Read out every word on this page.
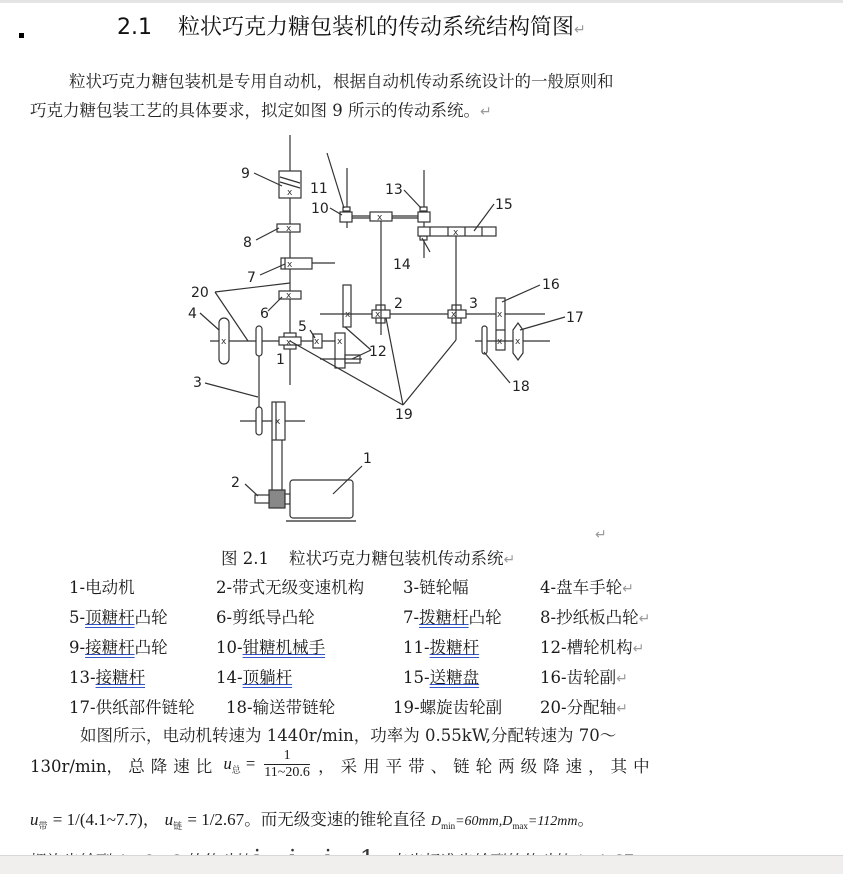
2.1 粒状巧克力糖包装机的传动系统结构简图↵
粒状巧克力糖包装机是专用自动机，根据自动机传动系统设计的一般原则和
巧克力糖包装工艺的具体要求，拟定如图 9 所示的传动系统。↵
x
x
x
x
x	x	x x
x	x	x
x
x
x
x x
x
9
8
7
20
6
4
5
1
3
11
10
13
14
15
2	3
16
17
12
18
19
1
2
↵
图 2.1 粒状巧克力糖包装机传动系统↵
1-电动机	2-带式无级变速机构 3-链轮幅	4-盘车手轮↵
5-顶糖杆凸轮	6-剪纸导凸轮	7-拨糖杆凸轮 8-抄纸板凸轮↵
9-接糖杆凸轮	10-钳糖机械手	11-拨糖杆	12-槽轮机构↵
13-接糖杆	14-顶躺杆	15-送糖盘	16-齿轮副↵
17-供纸部件链轮 18-输送带链轮	19-螺旋齿轮副 20-分配轴↵
如图所示，电动机转速为 1440r/min，功率为 0.55kW,分配转速为 70～
130r/min， 总降速比 $u_总 = \frac{1}{11\sim 20.6}$ ，采用平带、链轮两级降速，其中
$u_带$ = 1/(4.1~7.7)， $u_链 = 1/2.67$。而无级变速的锥轮直径 $D_{min}=60mm,D_{max}=112mm$。
